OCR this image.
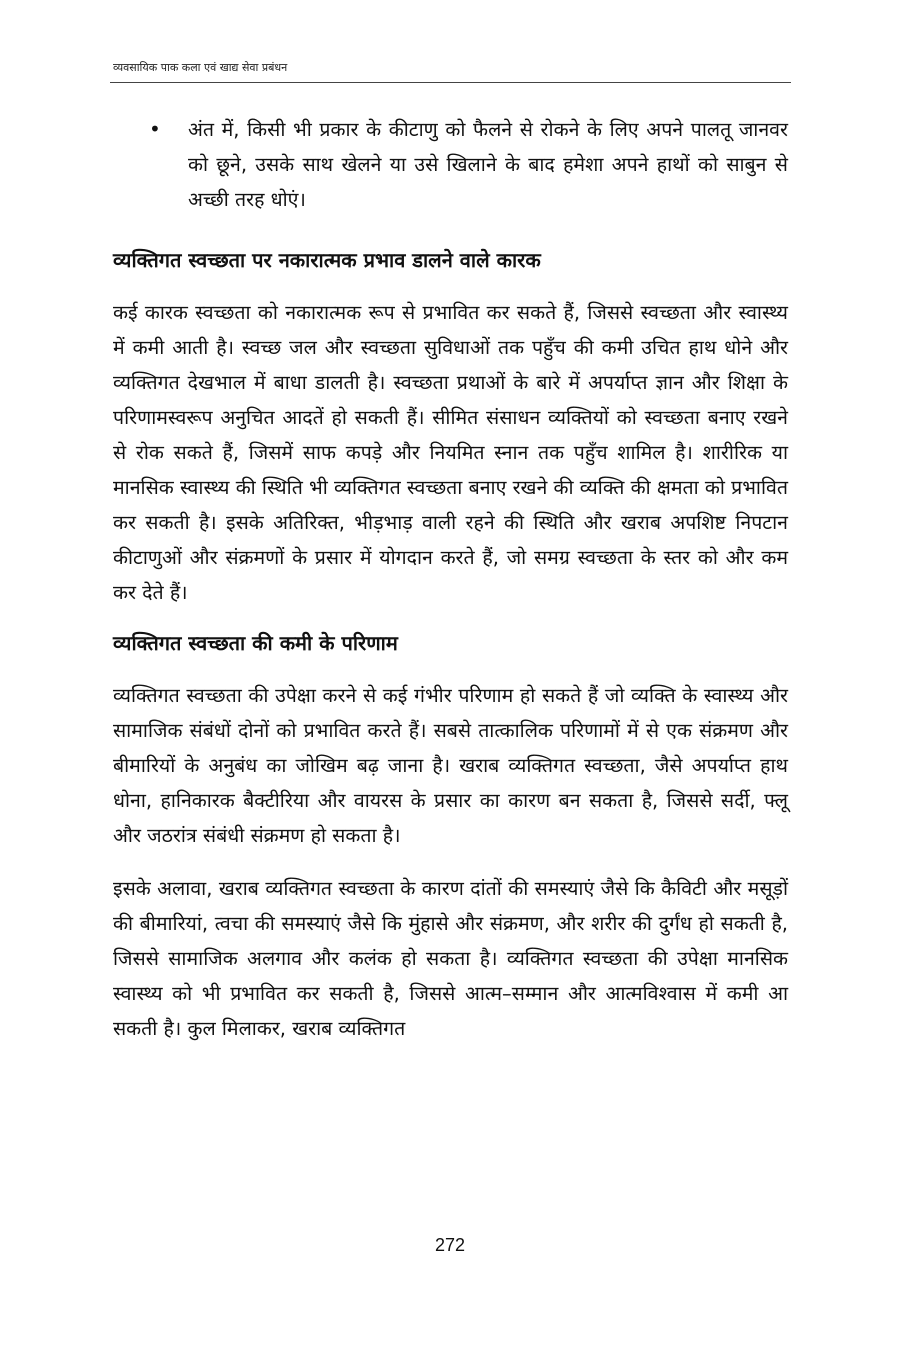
व्यवसायिक पाक कला एवं खाद्य सेवा प्रबंधन
• अंत में, किसी भी प्रकार के कीटाणु को फैलने से रोकने के लिए अपने पालतू जानवर को छूने, उसके साथ खेलने या उसे खिलाने के बाद हमेशा अपने हाथों को साबुन से अच्छी तरह धोएं।

व्यक्तिगत स्वच्छता पर नकारात्मक प्रभाव डालने वाले कारक

कई कारक स्वच्छता को नकारात्मक रूप से प्रभावित कर सकते हैं, जिससे स्वच्छता और स्वास्थ्य में कमी आती है। स्वच्छ जल और स्वच्छता सुविधाओं तक पहुँच की कमी उचित हाथ धोने और व्यक्तिगत देखभाल में बाधा डालती है। स्वच्छता प्रथाओं के बारे में अपर्याप्त ज्ञान और शिक्षा के परिणामस्वरूप अनुचित आदतें हो सकती हैं। सीमित संसाधन व्यक्तियों को स्वच्छता बनाए रखने से रोक सकते हैं, जिसमें साफ कपड़े और नियमित स्नान तक पहुँच शामिल है। शारीरिक या मानसिक स्वास्थ्य की स्थिति भी व्यक्तिगत स्वच्छता बनाए रखने की व्यक्ति की क्षमता को प्रभावित कर सकती है। इसके अतिरिक्त, भीड़भाड़ वाली रहने की स्थिति और खराब अपशिष्ट निपटान कीटाणुओं और संक्रमणों के प्रसार में योगदान करते हैं, जो समग्र स्वच्छता के स्तर को और कम कर देते हैं।

व्यक्तिगत स्वच्छता की कमी के परिणाम

व्यक्तिगत स्वच्छता की उपेक्षा करने से कई गंभीर परिणाम हो सकते हैं जो व्यक्ति के स्वास्थ्य और सामाजिक संबंधों दोनों को प्रभावित करते हैं। सबसे तात्कालिक परिणामों में से एक संक्रमण और बीमारियों के अनुबंध का जोखिम बढ़ जाना है। खराब व्यक्तिगत स्वच्छता, जैसे अपर्याप्त हाथ धोना, हानिकारक बैक्टीरिया और वायरस के प्रसार का कारण बन सकता है, जिससे सर्दी, फ्लू और जठरांत्र संबंधी संक्रमण हो सकता है।

इसके अलावा, खराब व्यक्तिगत स्वच्छता के कारण दांतों की समस्याएं जैसे कि कैविटी और मसूड़ों की बीमारियां, त्वचा की समस्याएं जैसे कि मुंहासे और संक्रमण, और शरीर की दुर्गंध हो सकती है, जिससे सामाजिक अलगाव और कलंक हो सकता है। व्यक्तिगत स्वच्छता की उपेक्षा मानसिक स्वास्थ्य को भी प्रभावित कर सकती है, जिससे आत्म–सम्मान और आत्मविश्वास में कमी आ सकती है। कुल मिलाकर, खराब व्यक्तिगत

272
